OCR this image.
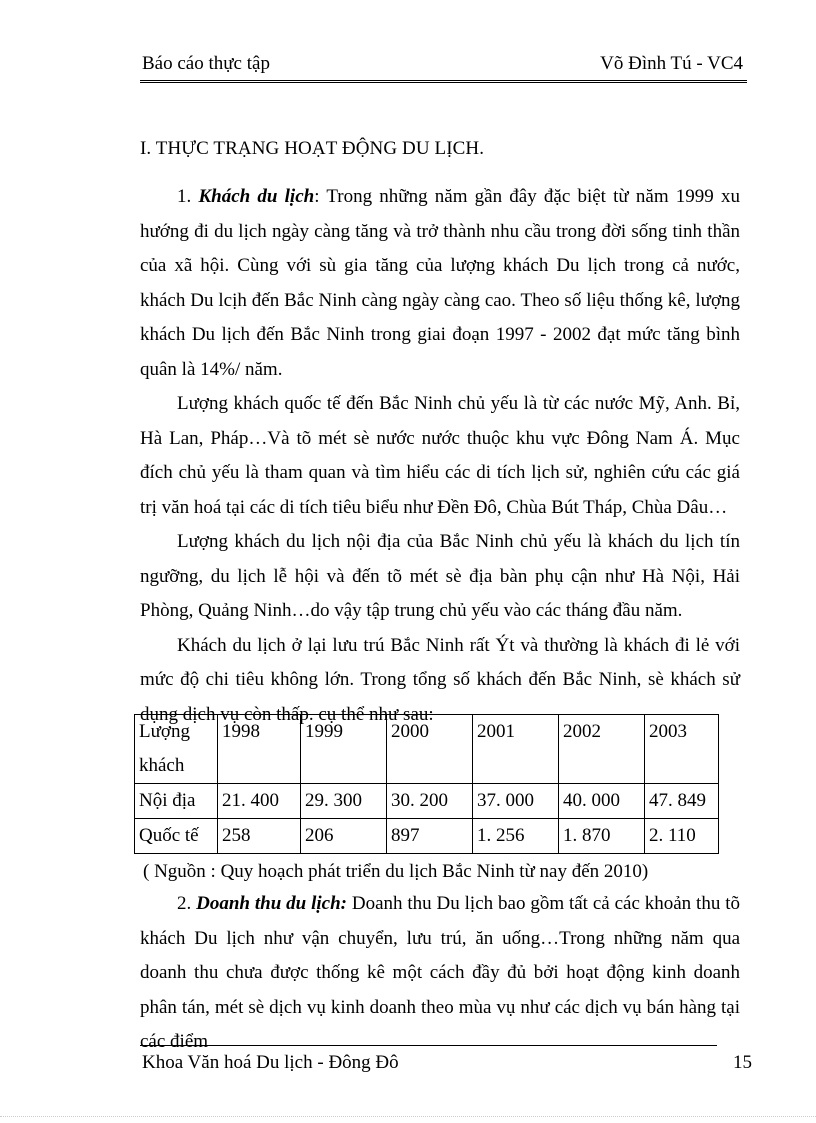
Báo cáo thực tập	Võ Đình Tú - VC4

I. THỰC TRẠNG HOẠT ĐỘNG DU LỊCH.

1. Khách du lịch: Trong những năm gần đây đặc biệt từ năm 1999 xu hướng đi du lịch ngày càng tăng và trở thành nhu cầu trong đời sống tinh thần của xã hội. Cùng với sù gia tăng của lượng khách Du lịch trong cả nước, khách Du lcịh đến Bắc Ninh càng ngày càng cao. Theo số liệu thống kê, lượng khách Du lịch đến Bắc Ninh trong giai đoạn 1997 - 2002 đạt mức tăng bình quân là 14%/ năm.

Lượng khách quốc tế đến Bắc Ninh chủ yếu là từ các nước Mỹ, Anh. Bỉ, Hà Lan, Pháp…Và tõ mét sè nước nước thuộc khu vực Đông Nam Á. Mục đích chủ yếu là tham quan và tìm hiểu các di tích lịch sử, nghiên cứu các giá trị văn hoá tại các di tích tiêu biểu như Đền Đô, Chùa Bút Tháp, Chùa Dâu…

Lượng khách du lịch nội địa của Bắc Ninh chủ yếu là khách du lịch tín ngưỡng, du lịch lễ hội và đến tõ mét sè địa bàn phụ cận như Hà Nội, Hải Phòng, Quảng Ninh…do vậy tập trung chủ yếu vào các tháng đầu năm.

Khách du lịch ở lại lưu trú Bắc Ninh rất Ýt và thường là khách đi lẻ với mức độ chi tiêu không lớn. Trong tổng số khách đến Bắc Ninh, sè khách sử dụng dịch vụ còn thấp. cụ thể như sau:

Lượng khách	1998	1999	2000	2001	2002	2003
Nội địa	21. 400	29. 300	30. 200	37. 000	40. 000	47. 849
Quốc tế	258	206	897	1. 256	1. 870	2. 110
( Nguồn : Quy hoạch phát triển du lịch Bắc Ninh từ nay đến 2010)

2. Doanh thu du lịch: Doanh thu Du lịch bao gồm tất cả các khoản thu tõ khách Du lịch như vận chuyển, lưu trú, ăn uống…Trong những năm qua doanh thu chưa được thống kê một cách đầy đủ bởi hoạt động kinh doanh phân tán, mét sè dịch vụ kinh doanh theo mùa vụ như các dịch vụ bán hàng tại các điểm

Khoa Văn hoá Du lịch - Đông Đô	15
